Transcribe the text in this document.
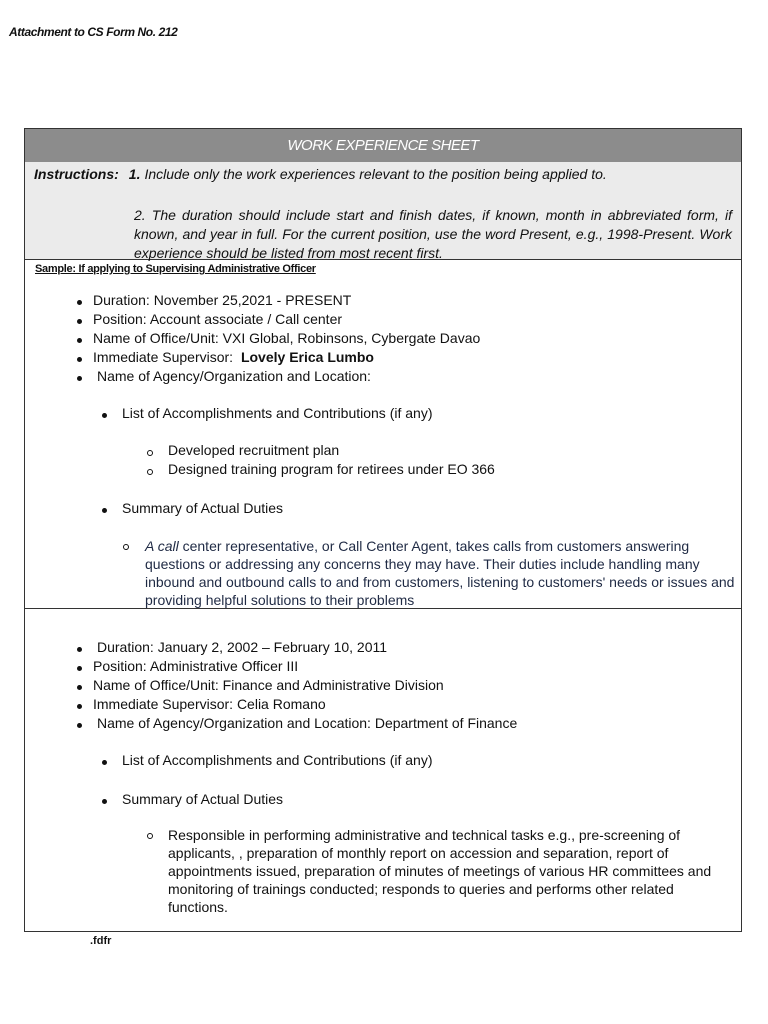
Attachment to CS Form No. 212
WORK EXPERIENCE SHEET
Instructions: 1. Include only the work experiences relevant to the position being applied to.
2. The duration should include start and finish dates, if known, month in abbreviated form, if known, and year in full. For the current position, use the word Present, e.g., 1998-Present. Work experience should be listed from most recent first.
Sample: If applying to Supervising Administrative Officer
Duration: November 25,2021 - PRESENT
Position: Account associate / Call center
Name of Office/Unit: VXI Global, Robinsons, Cybergate Davao
Immediate Supervisor: Lovely Erica Lumbo
Name of Agency/Organization and Location:
List of Accomplishments and Contributions (if any)
Developed recruitment plan
Designed training program for retirees under EO 366
Summary of Actual Duties
A call center representative, or Call Center Agent, takes calls from customers answering questions or addressing any concerns they may have. Their duties include handling many inbound and outbound calls to and from customers, listening to customers' needs or issues and providing helpful solutions to their problems
Duration: January 2, 2002 – February 10, 2011
Position: Administrative Officer III
Name of Office/Unit: Finance and Administrative Division
Immediate Supervisor: Celia Romano
Name of Agency/Organization and Location: Department of Finance
List of Accomplishments and Contributions (if any)
Summary of Actual Duties
Responsible in performing administrative and technical tasks e.g., pre-screening of applicants, , preparation of monthly report on accession and separation, report of appointments issued, preparation of minutes of meetings of various HR committees and monitoring of trainings conducted; responds to queries and performs other related functions.
.fdfr
